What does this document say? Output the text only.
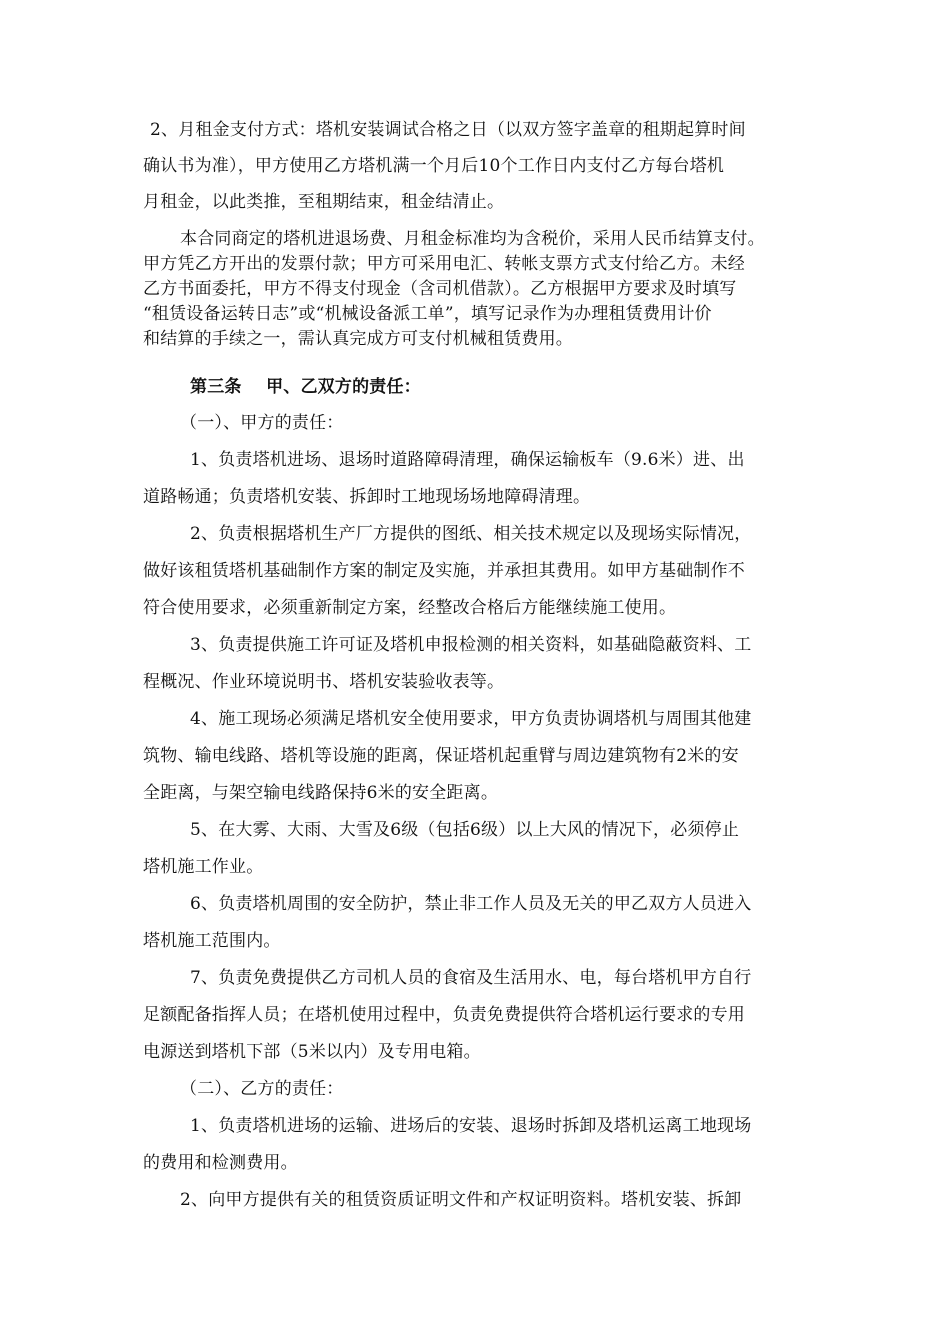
2、月租金支付方式：塔机安装调试合格之日（以双方签字盖章的租期起算时间
确认书为准），甲方使用乙方塔机满一个月后10个工作日内支付乙方每台塔机
月租金，以此类推，至租期结束，租金结清止。
本合同商定的塔机进退场费、月租金标准均为含税价，采用人民币结算支付。
甲方凭乙方开出的发票付款；甲方可采用电汇、转帐支票方式支付给乙方。未经
乙方书面委托，甲方不得支付现金（含司机借款）。乙方根据甲方要求及时填写
“租赁设备运转日志”或“机械设备派工单”，填写记录作为办理租赁费用计价
和结算的手续之一，需认真完成方可支付机械租赁费用。
第三条    甲、乙双方的责任：
（一）、甲方的责任：
1、负责塔机进场、退场时道路障碍清理，确保运输板车（9.6米）进、出
道路畅通；负责塔机安装、拆卸时工地现场场地障碍清理。
2、负责根据塔机生产厂方提供的图纸、相关技术规定以及现场实际情况，
做好该租赁塔机基础制作方案的制定及实施，并承担其费用。如甲方基础制作不
符合使用要求，必须重新制定方案，经整改合格后方能继续施工使用。
3、负责提供施工许可证及塔机申报检测的相关资料，如基础隐蔽资料、工
程概况、作业环境说明书、塔机安装验收表等。
4、施工现场必须满足塔机安全使用要求，甲方负责协调塔机与周围其他建
筑物、输电线路、塔机等设施的距离，保证塔机起重臂与周边建筑物有2米的安
全距离，与架空输电线路保持6米的安全距离。
5、在大雾、大雨、大雪及6级（包括6级）以上大风的情况下，必须停止
塔机施工作业。
6、负责塔机周围的安全防护，禁止非工作人员及无关的甲乙双方人员进入
塔机施工范围内。
7、负责免费提供乙方司机人员的食宿及生活用水、电，每台塔机甲方自行
足额配备指挥人员；在塔机使用过程中，负责免费提供符合塔机运行要求的专用
电源送到塔机下部（5米以内）及专用电箱。
（二）、乙方的责任：
1、负责塔机进场的运输、进场后的安装、退场时拆卸及塔机运离工地现场
的费用和检测费用。
2、向甲方提供有关的租赁资质证明文件和产权证明资料。塔机安装、拆卸
